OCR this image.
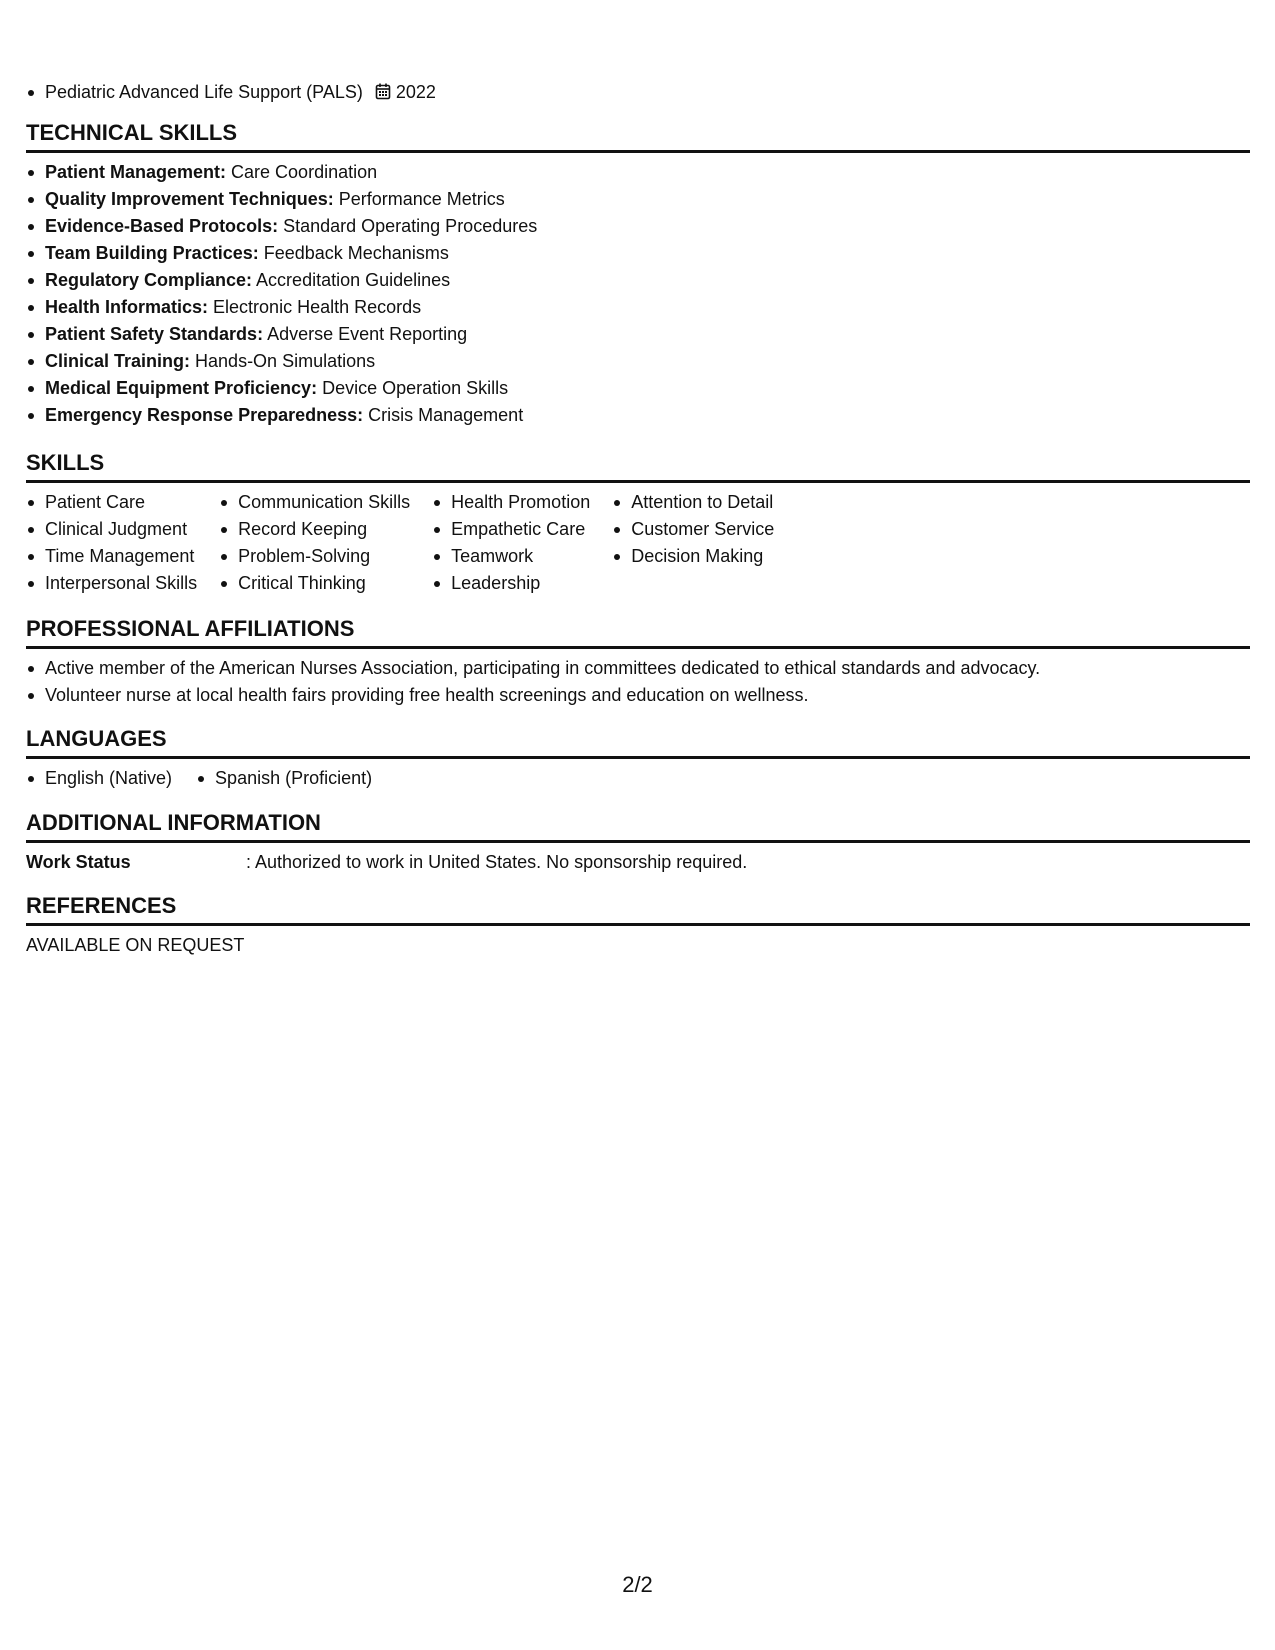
Pediatric Advanced Life Support (PALS) 2022
TECHNICAL SKILLS
Patient Management: Care Coordination
Quality Improvement Techniques: Performance Metrics
Evidence-Based Protocols: Standard Operating Procedures
Team Building Practices: Feedback Mechanisms
Regulatory Compliance: Accreditation Guidelines
Health Informatics: Electronic Health Records
Patient Safety Standards: Adverse Event Reporting
Clinical Training: Hands-On Simulations
Medical Equipment Proficiency: Device Operation Skills
Emergency Response Preparedness: Crisis Management
SKILLS
Patient Care
Clinical Judgment
Time Management
Interpersonal Skills
Communication Skills
Record Keeping
Problem-Solving
Critical Thinking
Health Promotion
Empathetic Care
Teamwork
Leadership
Attention to Detail
Customer Service
Decision Making
PROFESSIONAL AFFILIATIONS
Active member of the American Nurses Association, participating in committees dedicated to ethical standards and advocacy.
Volunteer nurse at local health fairs providing free health screenings and education on wellness.
LANGUAGES
English (Native)	Spanish (Proficient)
ADDITIONAL INFORMATION
Work Status	: Authorized to work in United States. No sponsorship required.
REFERENCES
AVAILABLE ON REQUEST
2/2
